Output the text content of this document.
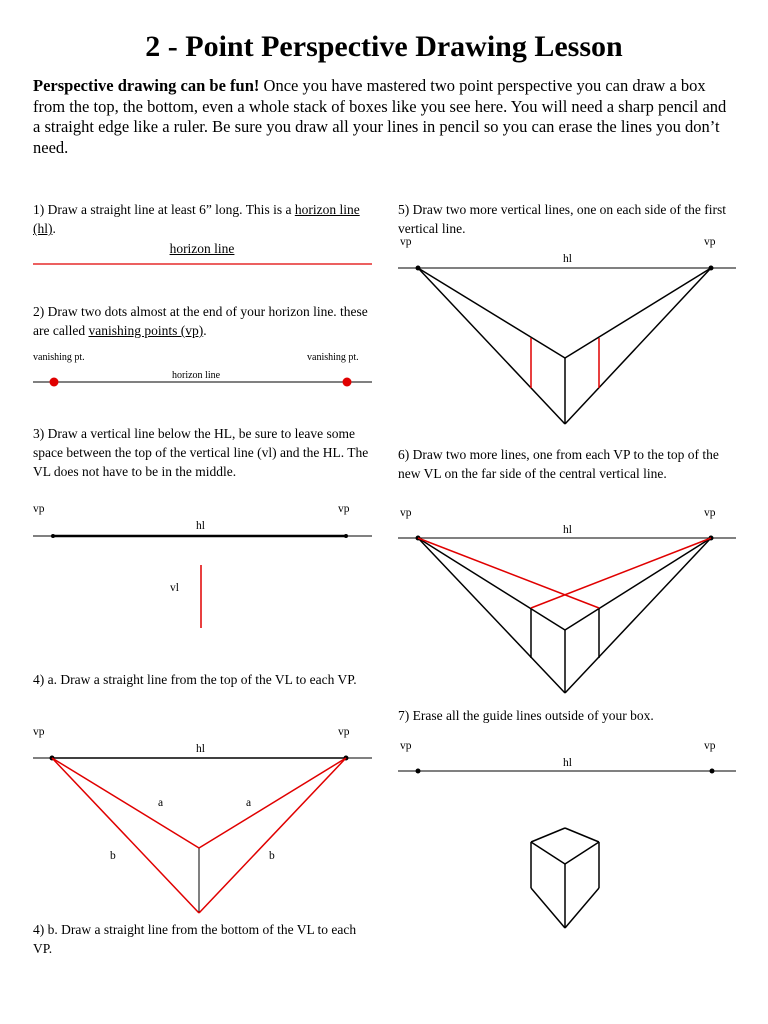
2 - Point Perspective Drawing Lesson
Perspective drawing can be fun! Once you have mastered two point perspective you can draw a box from the top, the bottom, even a whole stack of boxes like you see here. You will need a sharp pencil and a straight edge like a ruler. Be sure you draw all your lines in pencil so you can erase the lines you don’t need.
1) Draw a straight line at least 6” long. This is a horizon line (hl).
horizon line
2) Draw two dots almost at the end of your horizon line. these are called vanishing points (vp).
vanishing pt.	vanishing pt.
horizon line
3) Draw a vertical line below the HL, be sure to leave some space between the top of the vertical line (vl) and the HL. The VL does not have to be in the middle.
vp	vp
hl
vl
4) a. Draw a straight line from the top of the VL to each VP.
vp	vp
hl
a	a
b	b
4) b. Draw a straight line from the bottom of the VL to each VP.
5) Draw two more vertical lines, one on each side of the first vertical line.
vp	vp
hl
6) Draw two more lines, one from each VP to the top of the new VL on the far side of the central vertical line.
vp	vp
hl
7) Erase all the guide lines outside of your box.
vp	vp
hl
